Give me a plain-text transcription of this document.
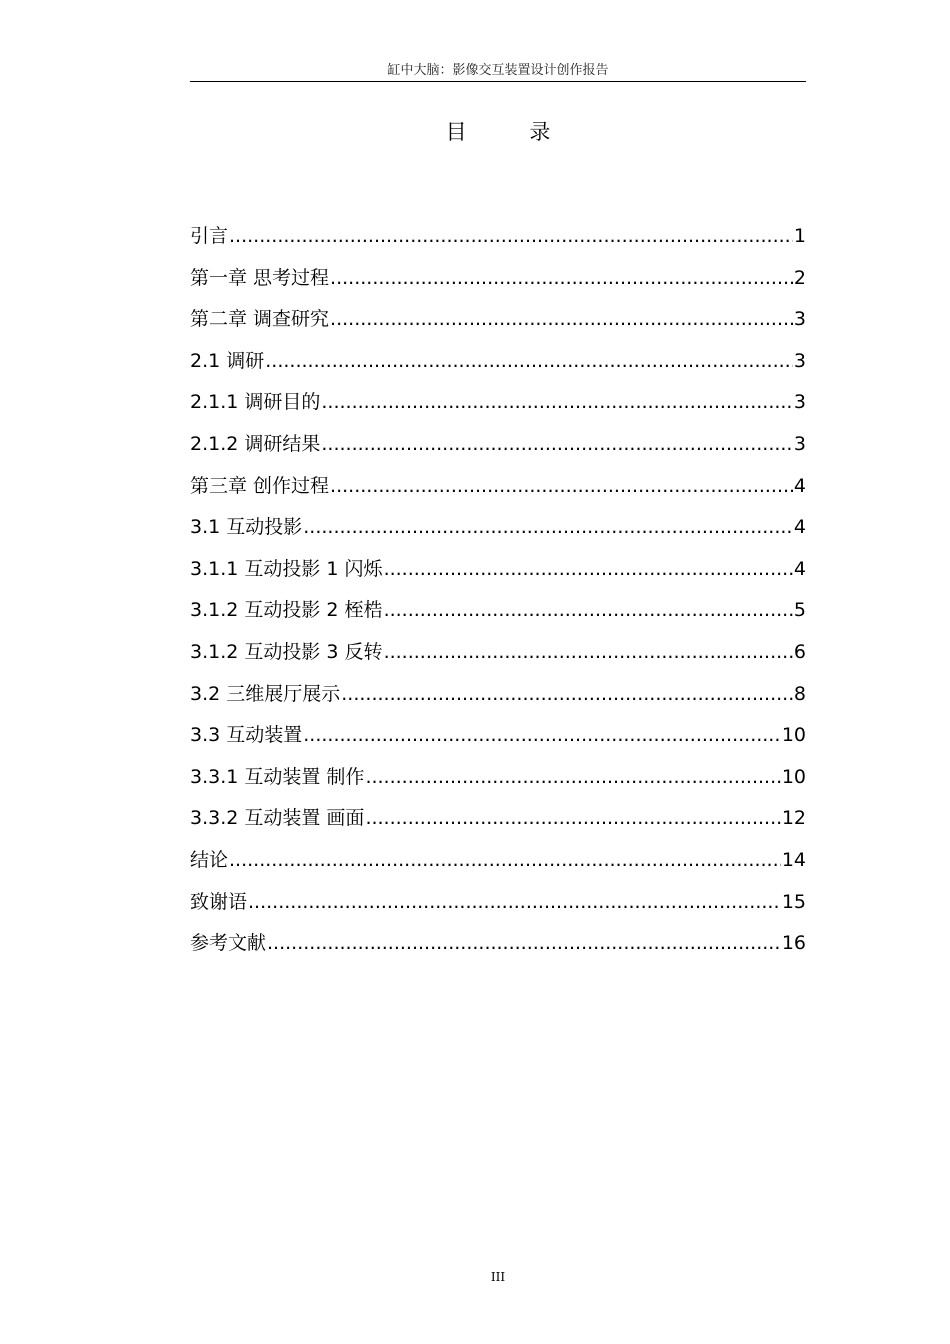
缸中大脑：影像交互装置设计创作报告
目 录
引言 .....	1
第一章 思考过程 .....	2
第二章 调查研究 .....	3
2.1 调研 .....	3
2.1.1 调研目的 .....	3
2.1.2 调研结果 .....	3
第三章 创作过程 .....	4
3.1 互动投影 .....	4
3.1.1 互动投影 1 闪烁 .....	4
3.1.2 互动投影 2 桎梏 .....	5
3.1.2 互动投影 3 反转 .....	6
3.2 三维展厅展示 .....	8
3.3 互动装置 .....	10
3.3.1 互动装置 制作 .....	10
3.3.2 互动装置 画面 .....	12
结论 .....	14
致谢语 .....	15
参考文献 .....	16
III
